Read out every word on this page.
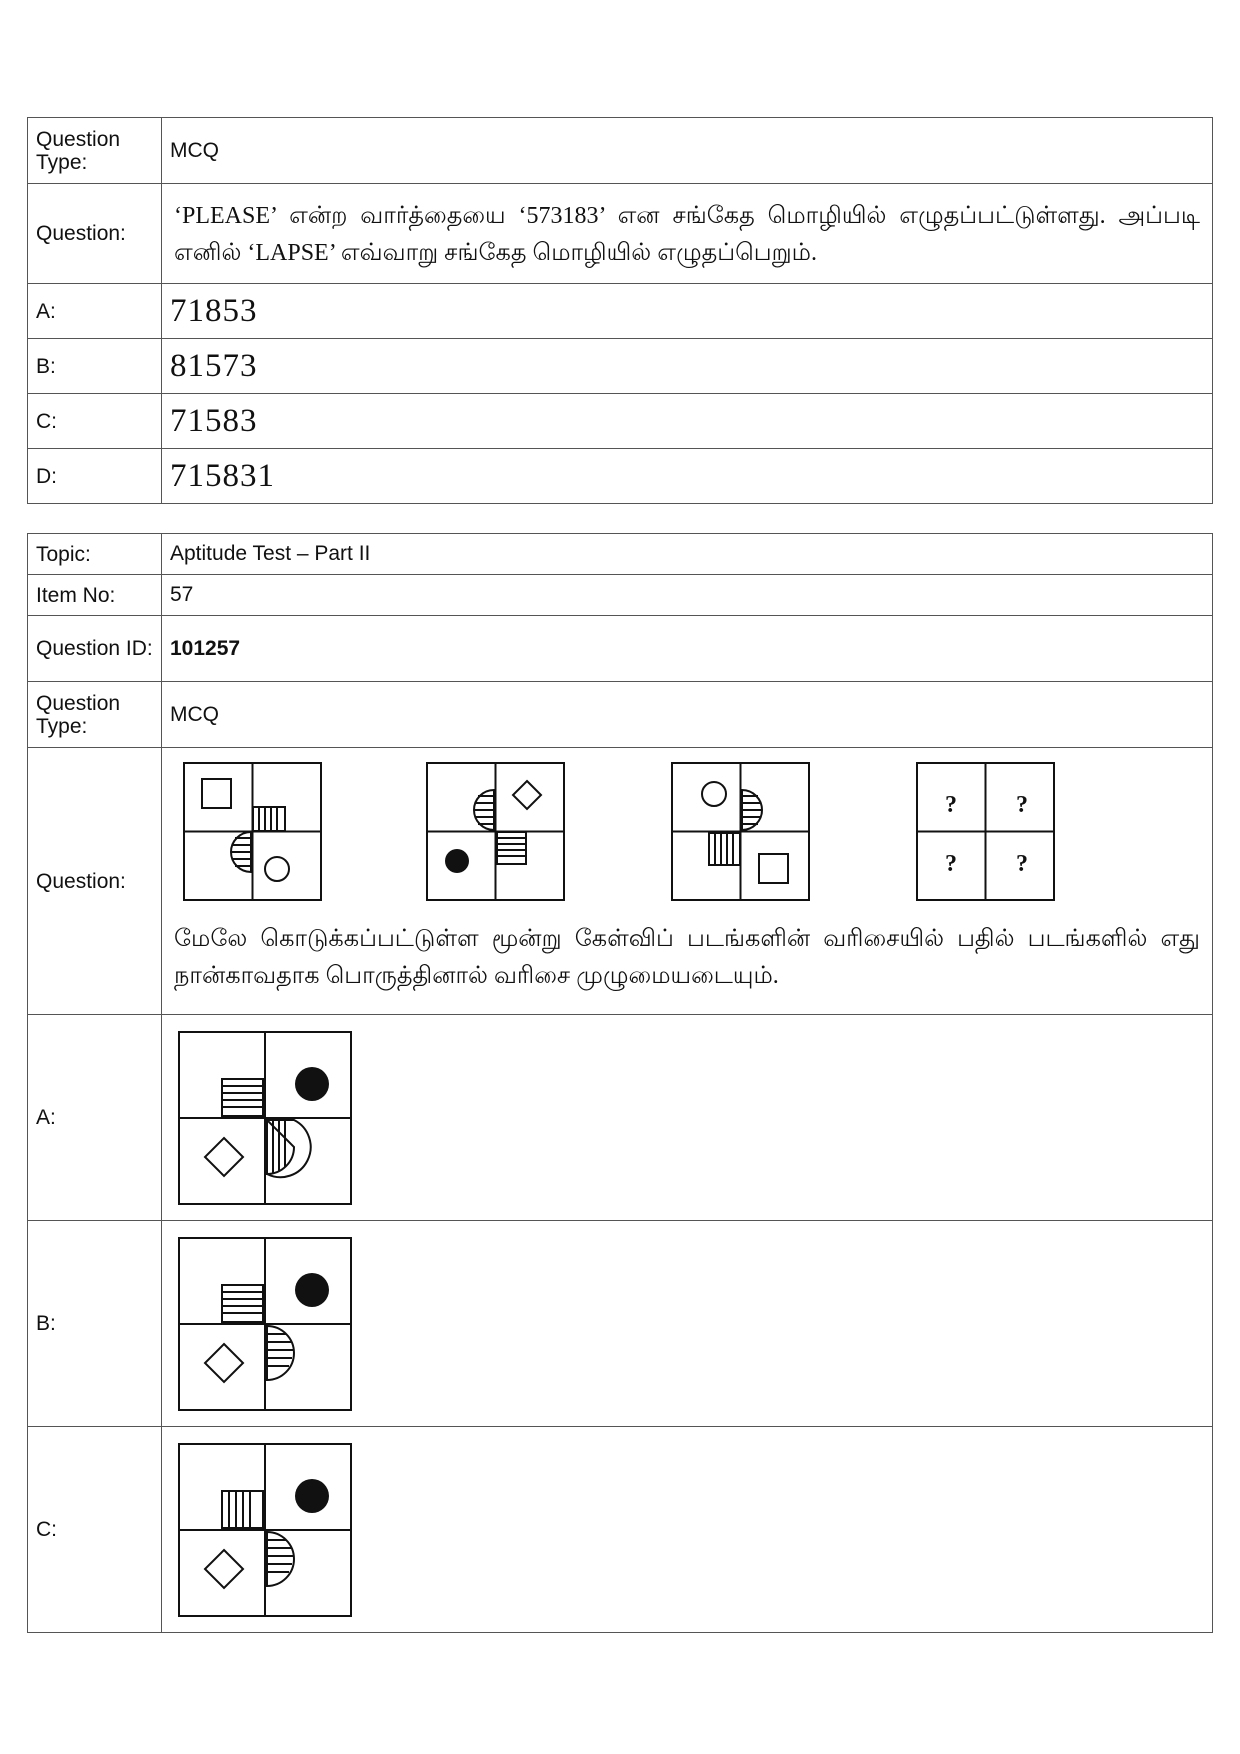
Question Type:	MCQ
Question:	‘PLEASE’ என்ற வார்த்தையை ‘573183’ என சங்கேத மொழியில் எழுதப்பட்டுள்ளது. அப்படி எனில் ‘LAPSE’ எவ்வாறு சங்கேத மொழியில் எழுதப்பெறும்.

A:	71853
B:	81573
C:	71583
D:	715831
Topic:	Aptitude Test – Part II
Item No:	57
Question ID:	101257
Question Type:	MCQ
Question:	? ?
? ?
மேலே கொடுக்கப்பட்டுள்ள மூன்று கேள்விப் படங்களின் வரிசையில் பதில் படங்களில் எது நான்காவதாக பொருத்தினால் வரிசை முழுமையடையும்.

A:	

B:	

C:	
